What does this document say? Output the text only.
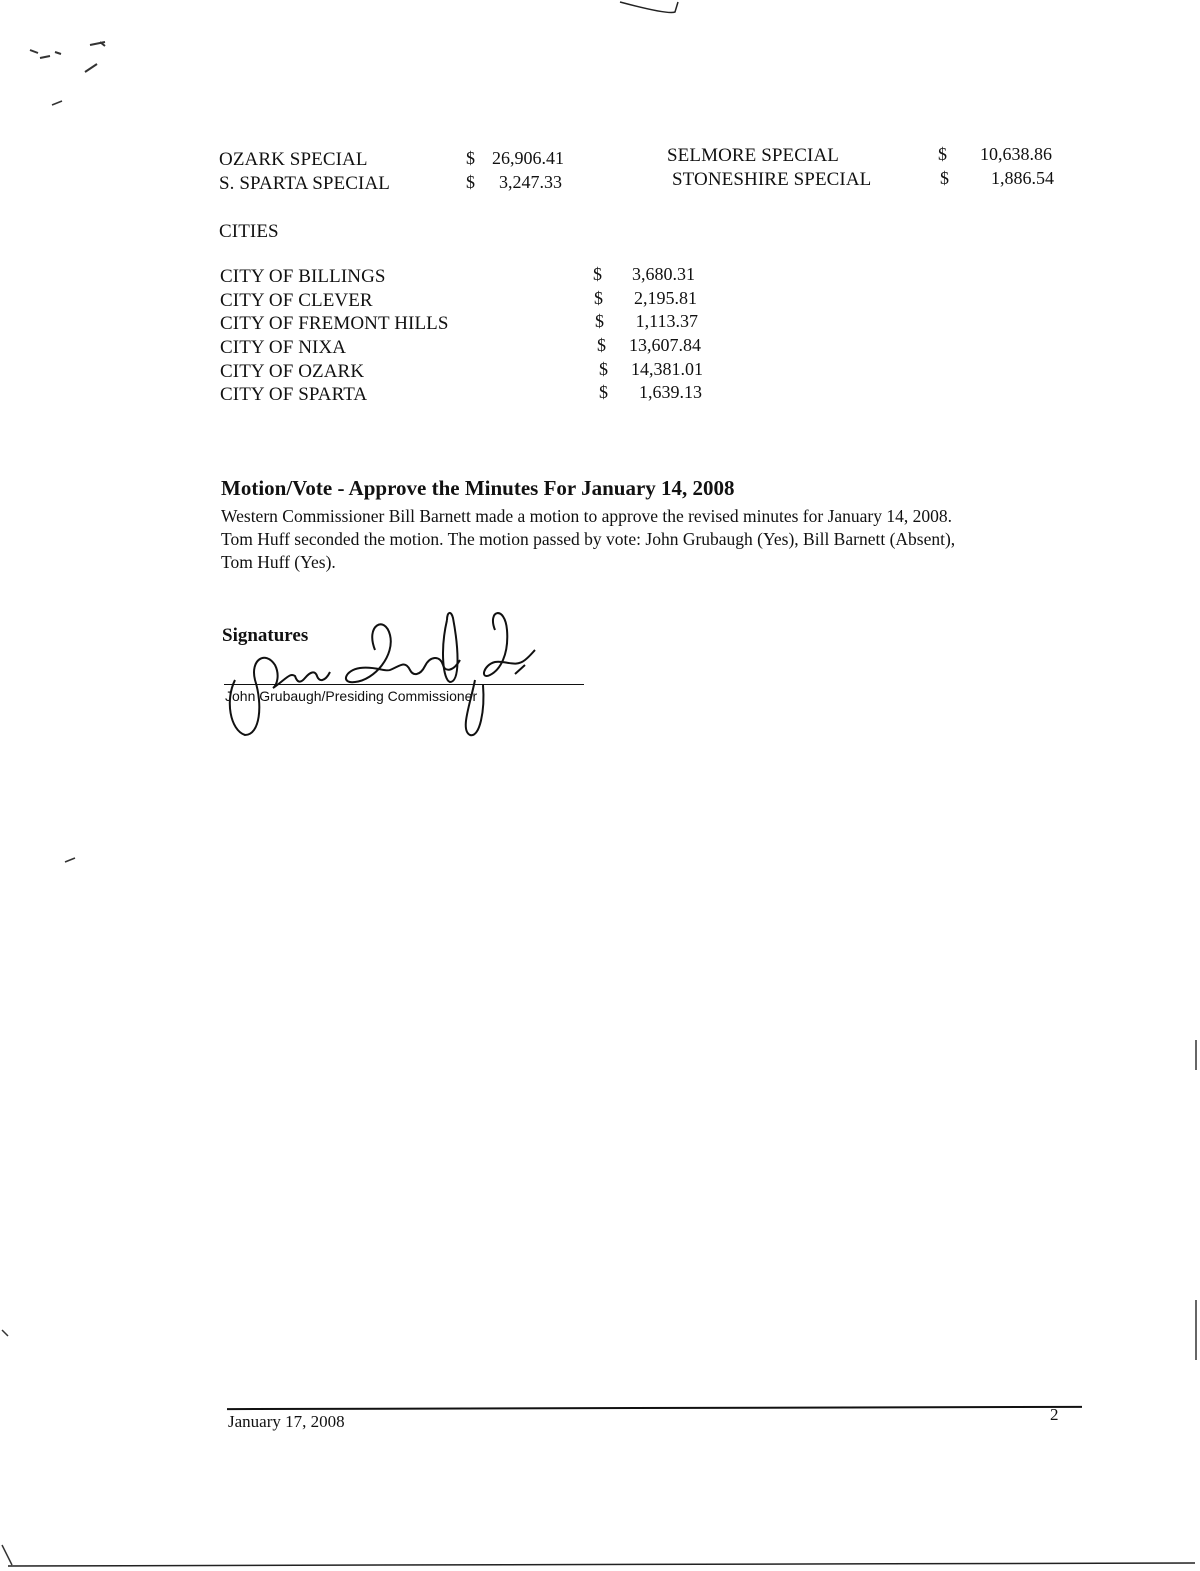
OZARK SPECIAL	$ 26,906.41
S. SPARTA SPECIAL	$	3,247.33
SELMORE SPECIAL	$	10,638.86
STONESHIRE SPECIAL	$	1,886.54
CITIES
CITY OF BILLINGS	$	3,680.31
CITY OF CLEVER	$	2,195.81
CITY OF FREMONT HILLS	$	1,113.37
CITY OF NIXA	$	13,607.84
CITY OF OZARK	$	14,381.01
CITY OF SPARTA	$	1,639.13
Motion/Vote - Approve the Minutes For January 14, 2008
Western Commissioner Bill Barnett made a motion to approve the revised minutes for January 14, 2008.
Tom Huff seconded the motion. The motion passed by vote: John Grubaugh (Yes), Bill Barnett (Absent),
Tom Huff (Yes).
Signatures
John Grubaugh/Presiding Commissioner
January 17, 2008	2
